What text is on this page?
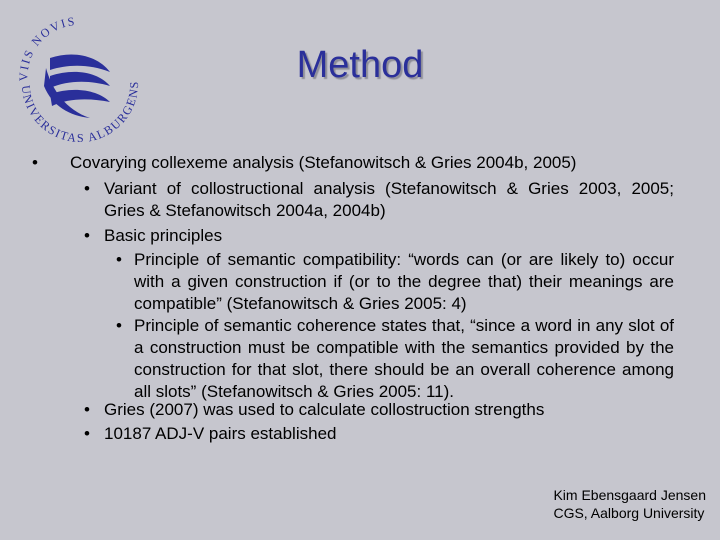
VIIS NOVIS
UNIVERSITAS ALBURGENS	Method
• Covarying collexeme analysis (Stefanowitsch & Gries 2004b, 2005)
• Variant of collostructional analysis (Stefanowitsch & Gries 2003, 2005; Gries & Stefanowitsch 2004a, 2004b)
• Basic principles
• Principle of semantic compatibility: “words can (or are likely to) occur with a given construction if (or to the degree that) their meanings are compatible” (Stefanowitsch & Gries 2005: 4)
• Principle of semantic coherence states that, “since a word in any slot of a construction must be compatible with the semantics provided by the construction for that slot, there should be an overall coherence among all slots” (Stefanowitsch & Gries 2005: 11).
• Gries (2007) was used to calculate collostruction strengths
• 10187 ADJ-V pairs established
Kim Ebensgaard Jensen
CGS, Aalborg University
